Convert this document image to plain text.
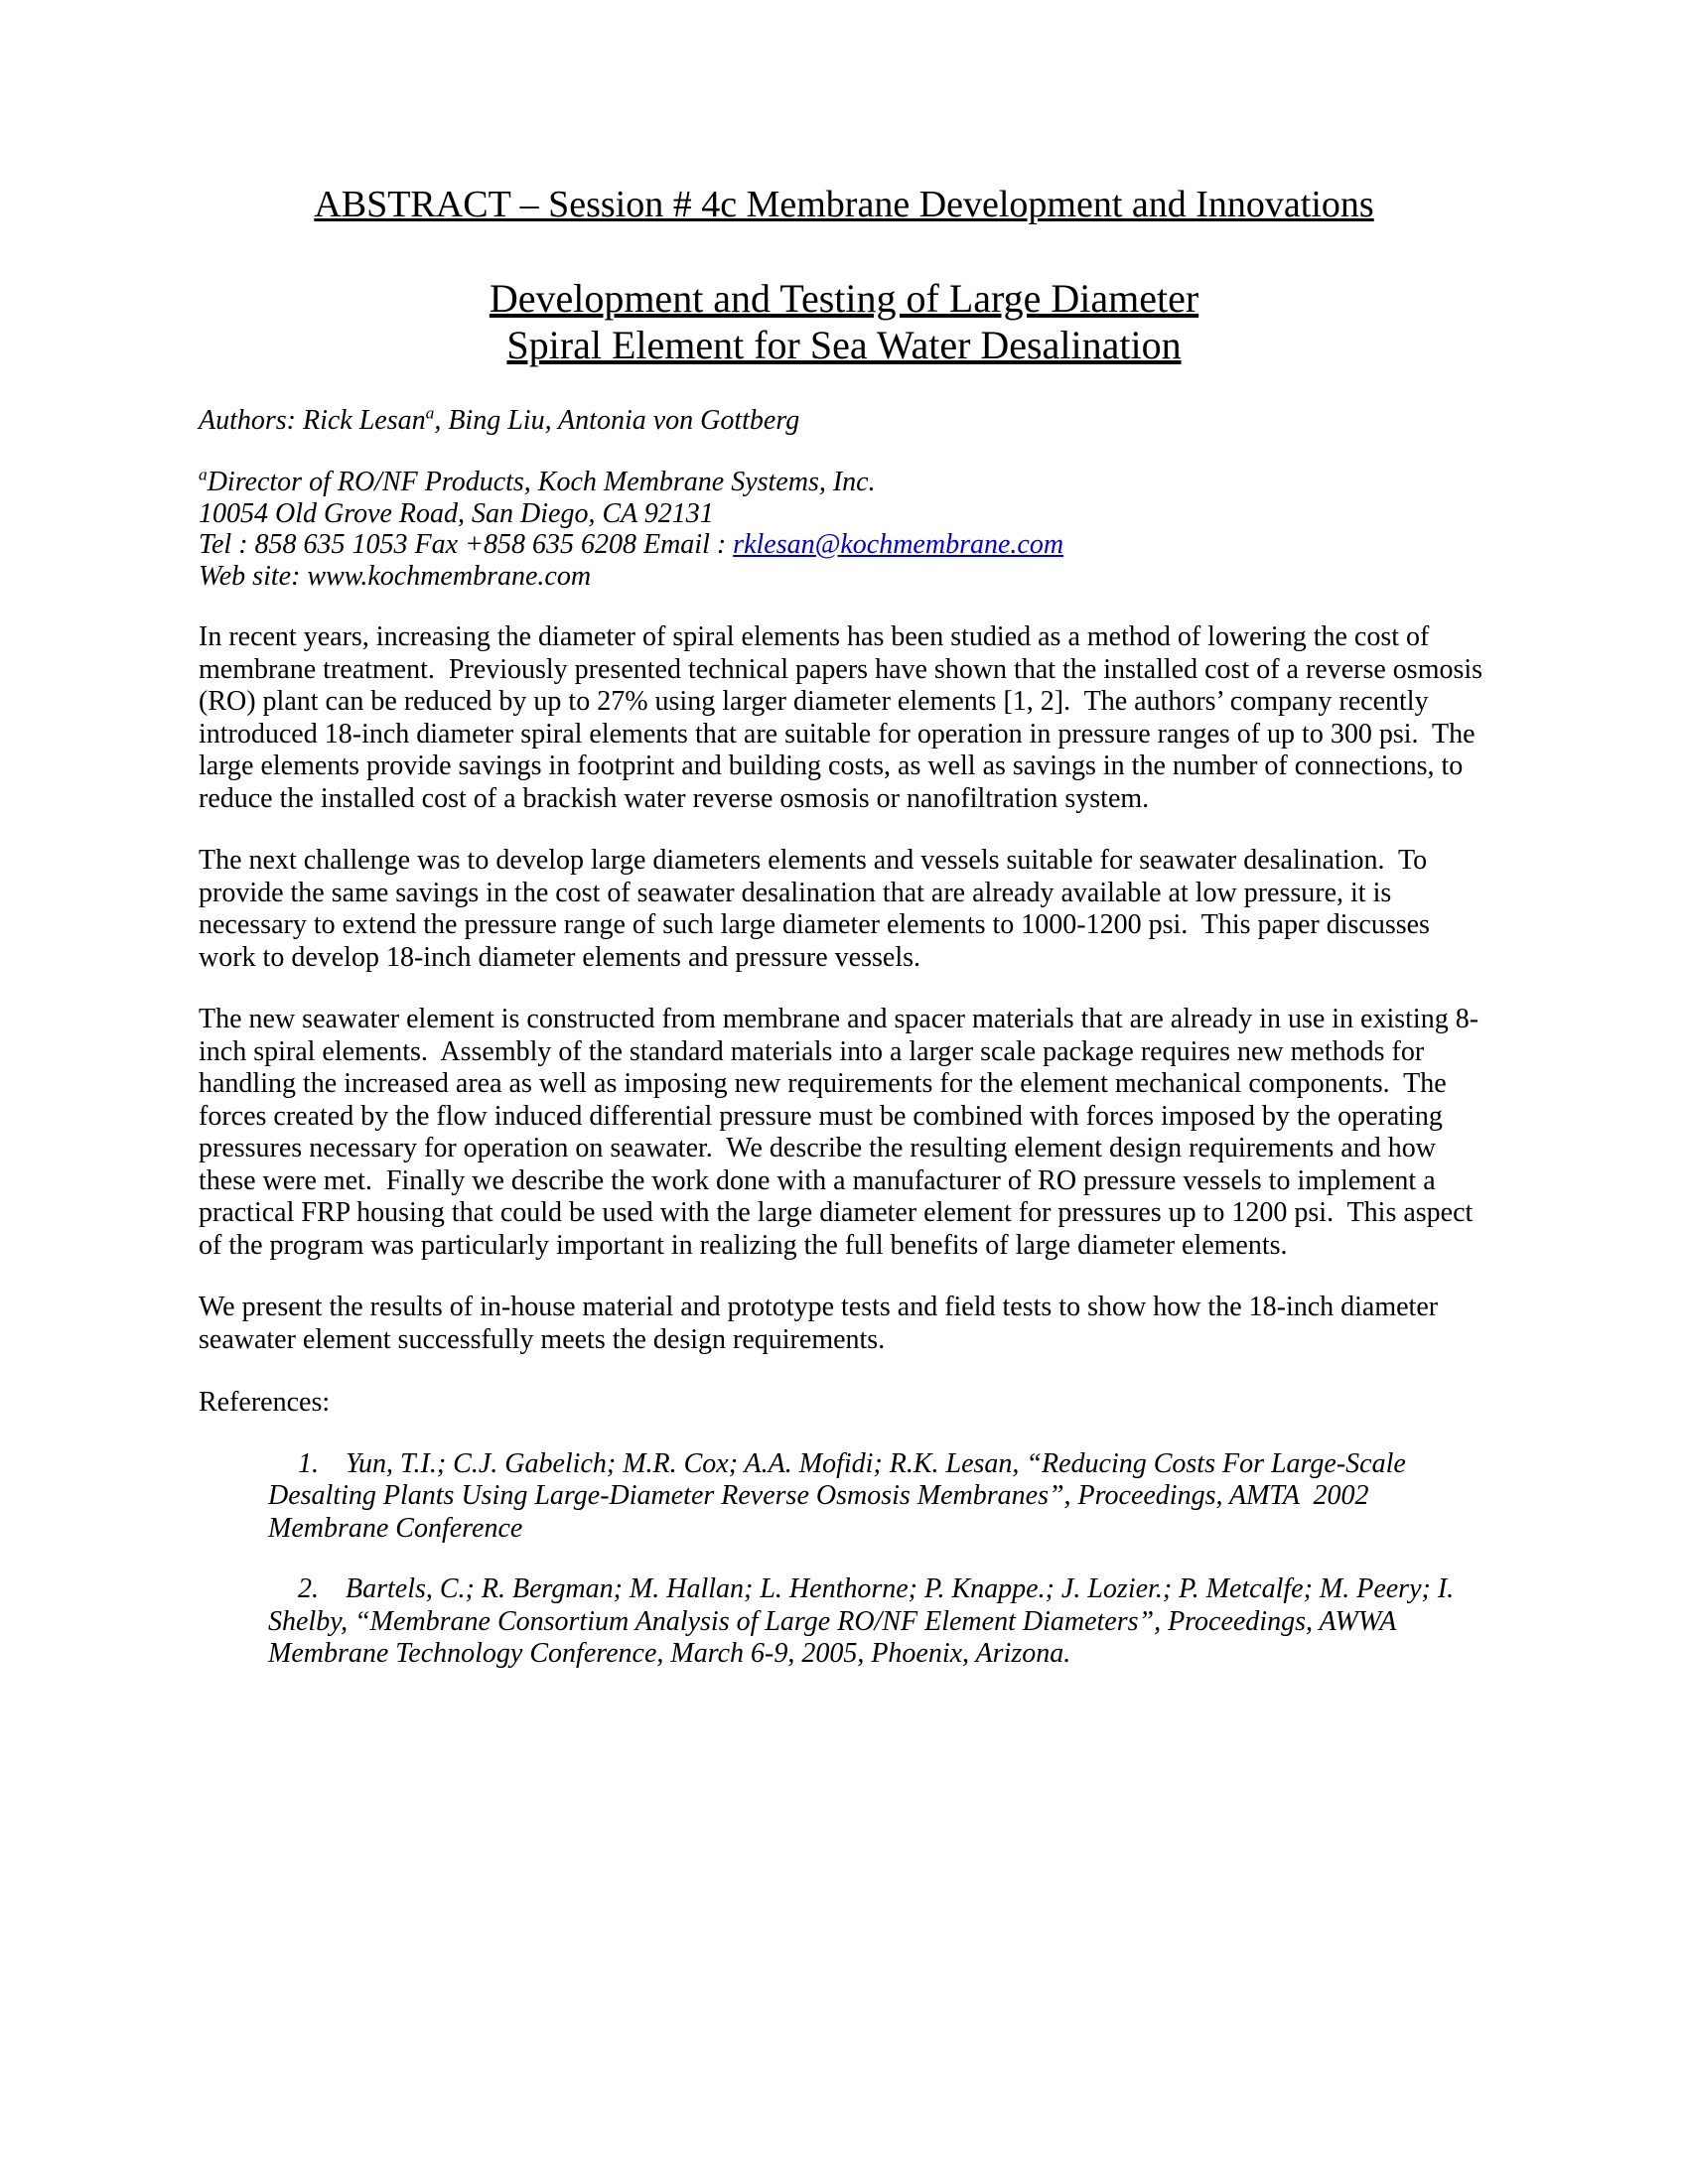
ABSTRACT – Session # 4c Membrane Development and Innovations
Development and Testing of Large Diameter
Spiral Element for Sea Water Desalination
Authors: Rick Lesan$^a$, Bing Liu, Antonia von Gottberg
$^a$Director of RO/NF Products, Koch Membrane Systems, Inc.
10054 Old Grove Road, San Diego, CA 92131
Tel : 858 635 1053 Fax +858 635 6208 Email : rklesan@kochmembrane.com
Web site: www.kochmembrane.com
In recent years, increasing the diameter of spiral elements has been studied as a method of lowering the cost of membrane treatment.  Previously presented technical papers have shown that the installed cost of a reverse osmosis (RO) plant can be reduced by up to 27% using larger diameter elements [1, 2].  The authors’ company recently introduced 18-inch diameter spiral elements that are suitable for operation in pressure ranges of up to 300 psi.  The large elements provide savings in footprint and building costs, as well as savings in the number of connections, to reduce the installed cost of a brackish water reverse osmosis or nanofiltration system.
The next challenge was to develop large diameters elements and vessels suitable for seawater desalination.  To provide the same savings in the cost of seawater desalination that are already available at low pressure, it is necessary to extend the pressure range of such large diameter elements to 1000-1200 psi.  This paper discusses work to develop 18-inch diameter elements and pressure vessels.
The new seawater element is constructed from membrane and spacer materials that are already in use in existing 8-inch spiral elements.  Assembly of the standard materials into a larger scale package requires new methods for handling the increased area as well as imposing new requirements for the element mechanical components.  The forces created by the flow induced differential pressure must be combined with forces imposed by the operating pressures necessary for operation on seawater.  We describe the resulting element design requirements and how these were met.  Finally we describe the work done with a manufacturer of RO pressure vessels to implement a practical FRP housing that could be used with the large diameter element for pressures up to 1200 psi.  This aspect of the program was particularly important in realizing the full benefits of large diameter elements.
We present the results of in-house material and prototype tests and field tests to show how the 18-inch diameter seawater element successfully meets the design requirements.
References:
1. Yun, T.I.; C.J. Gabelich; M.R. Cox; A.A. Mofidi; R.K. Lesan, “Reducing Costs For Large-Scale Desalting Plants Using Large-Diameter Reverse Osmosis Membranes”, Proceedings, AMTA  2002 Membrane Conference
2. Bartels, C.; R. Bergman; M. Hallan; L. Henthorne; P. Knappe.; J. Lozier.; P. Metcalfe; M. Peery; I. Shelby, “Membrane Consortium Analysis of Large RO/NF Element Diameters”, Proceedings, AWWA Membrane Technology Conference, March 6-9, 2005, Phoenix, Arizona.
